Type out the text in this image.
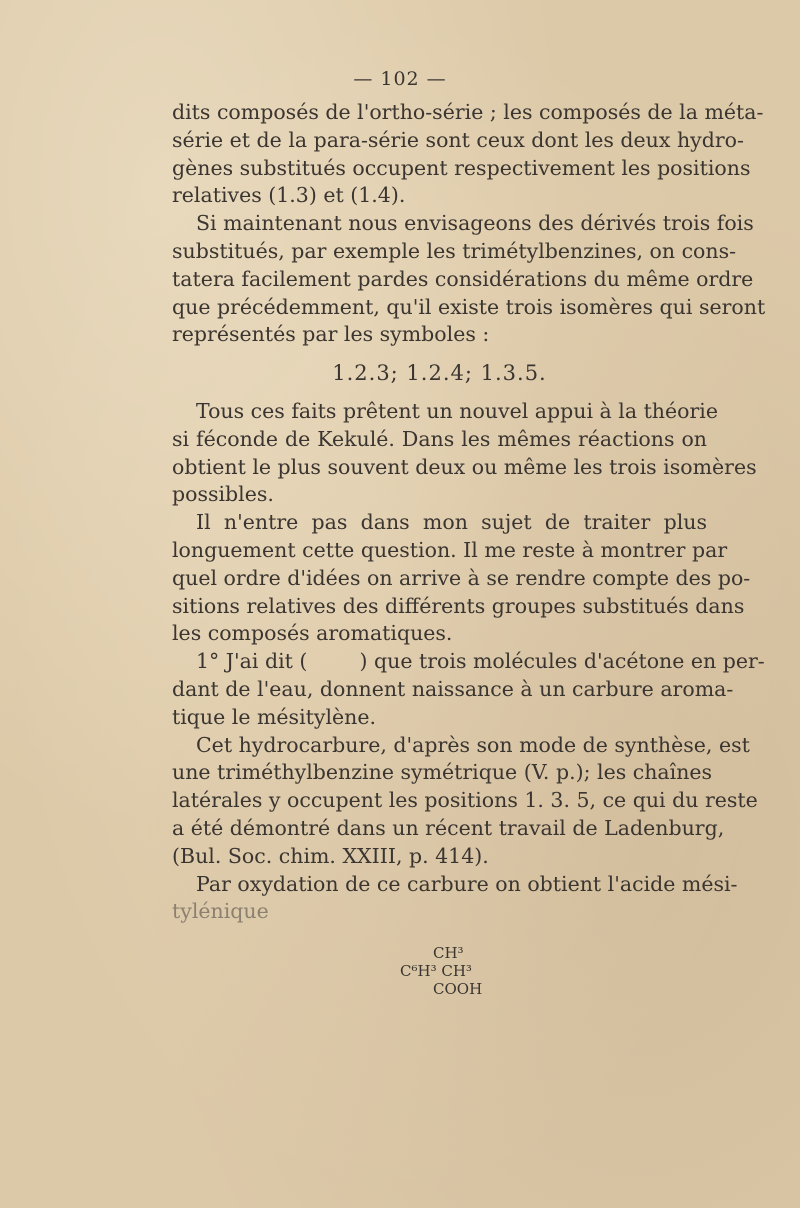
— 102 —

dits composés de l'ortho-série ; les composés de la méta-
série et de la para-série sont ceux dont les deux hydro-
gènes substitués occupent respectivement les positions
relatives (1.3) et (1.4).

Si maintenant nous envisageons des dérivés trois fois
substitués, par exemple les trimétylbenzines, on cons-
tatera facilement pardes considérations du même ordre
que précédemment, qu'il existe trois isomères qui seront
représentés par les symboles :

1.2.3; 1.2.4; 1.3.5.

Tous ces faits prêtent un nouvel appui à la théorie
si féconde de Kekulé. Dans les mêmes réactions on
obtient le plus souvent deux ou même les trois isomères
possibles.

Il n'entre pas dans mon sujet de traiter plus
longuement cette question. Il me reste à montrer par
quel ordre d'idées on arrive à se rendre compte des po-
sitions relatives des différents groupes substitués dans
les composés aromatiques.

1° J'ai dit (        ) que trois molécules d'acétone en per-
dant de l'eau, donnent naissance à un carbure aroma-
tique le mésitylène.

Cet hydrocarbure, d'après son mode de synthèse, est
une triméthylbenzine symétrique (V. p.); les chaînes
latérales y occupent les positions 1. 3. 5, ce qui du reste
a été démontré dans un récent travail de Ladenburg,
(Bul. Soc. chim. XXIII, p. 414).

Par oxydation de ce carbure on obtient l'acide mési-
tylénique

CH³
C⁶H³ CH³
COOH
